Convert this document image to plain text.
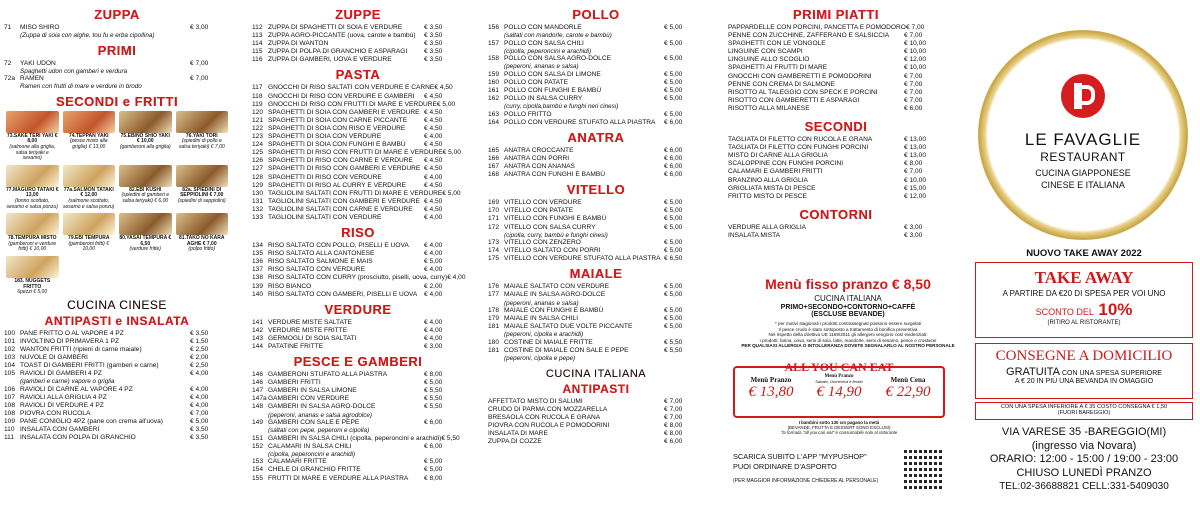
ZUPPA
71	MISO SHIRO	€ 3,00
(Zuppa di soia con alghe, tou fu e erba cipollina)
PRIMI
72	YAKI UDON	€ 7,00
Spaghetti udon con gamberi e verdura
72a RAMEN	€ 7,00
Ramen con frutti di mare e verdure in brodo
SECONDI e FRITTI
73.SAKE TERI YAKI € 8,00
(salmone alla griglia, salsa teriyaki e sesamo)
74.TEPPAN YAKI
(pesce misto alla griglia) € 13,00
75.EBINO SHIO YAKI € 10,00
(gamberoni alla griglia)
76.YAKI TORI
(spiedini di pollo e salsa teriyaki) € 7,00
77.MAGURO TATAKI € 13,00
(tonno scottato, sesamo e salsa ponzu)
77a.SALMON TATAKI € 12,00
(salmone scottato, sesamo e salsa ponzu)
82.EBI KUSHI
(spiedini di gamberi e salsa teriyaki) € 6,00
82a. SPIEDINI DI SEPPIOLINI € 7,00
(spiedini di seppiolini)
78.TEMPURA MISTO
(gamberoni e verdure fritti) € 10,00
79.EBI TEMPURA
(gamberoni fritti) € 10,00
80.YASAI TEMPURA € 6,50
(verdure fritte)
81.TAKO NO KARA AGHE € 7,00
(polpo fritto)
183. NUGGETS FRITTO
6pezzi € 5,00
CUCINA CINESE
ANTIPASTI e INSALATA
100 PANE FRITTO O AL VAPORE 4 PZ	€ 3,50
101 INVOLTINO DI PRIMAVERA 1 PZ	€ 1,50
102 WANTON FRITTI (ripieni di carne maiale)	€ 2,50
103 NUVOLE DI GAMBERI	€ 2,00
104 TOAST DI GAMBERI FRITTI (gamberi e carne)	€ 2,50
105 RAVIOLI DI GAMBERI 4 PZ	€ 4,00
(gamberi e carne) vapore o griglia
106 RAVIOLI DI CARNE AL VAPORE 4 PZ	€ 4,00
107 RAVIOLI ALLA GRIGLIA 4 PZ	€ 4,00
108 RAVIOLI DI VERDURE 4 PZ	€ 4,00
108 PIOVRA CON RUCOLA	€ 7,00
109 PANE CONIGLIO 4PZ (pane con crema all'uova)	€ 5,00
110 INSALATA CON GAMBERI	€ 3,50
111 INSALATA CON POLPA DI GRANCHIO	€ 3,50
ZUPPE
112 ZUPPA DI SPAGHETTI DI SOIA E VERDURE	€ 3,50
113 ZUPPA AGRO-PICCANTE (uova, carote e bambù)	€ 3,50
114 ZUPPA DI WANTON	€ 3,50
115 ZUPPA DI POLPA DI GRANCHIO E ASPARAGI	€ 3,50
116 ZUPPA DI GAMBERI, UOVA E VERDURE	€ 3,50
PASTA
117 GNOCCHI DI RISO SALTATI CON VERDURE E CARNE € 4,50
118 GNOCCHI DI RISO CON VERDURE E GAMBERI	€ 4,50
119 GNOCCHI DI RISO CON FRUTTI DI MARE E VERDURE € 5,00
120 SPAGHETTI DI SOIA CON GAMBERI E VERDURE € 4,50
121 SPAGHETTI DI SOIA CON CARNE PICCANTE	€ 4,50
122 SPAGHETTI DI SOIA CON RISO E VERDURE	€ 4,50
123 SPAGHETTI DI SOIA CON VERDURE	€ 4,00
124 SPAGHETTI DI SOIA CON FUNGHI E BAMBÙ	€ 4,50
125 SPAGHETTI DI RISO CON FRUTTI DI MARE E VERDURE € 5,00
126 SPAGHETTI DI RISO CON CARNE E VERDURE	€ 4,50
127 SPAGHETTI DI RISO CON GAMBERI E VERDURE € 4,50
128 SPAGHETTI DI RISO CON VERDURE	€ 4,00
129 SPAGHETTI DI RISO AL CURRY E VERDURE	€ 4,50
130 TAGLIOLINI SALTATI CON FRUTTI DI MARE E VERDURE € 5,00
131 TAGLIOLINI SALTATI CON GAMBERI E VERDURE € 4,50
132 TAGLIOLINI SALTATI CON CARNE E VERDURE	€ 4,50
133 TAGLIOLINI SALTATI CON VERDURE	€ 4,00
RISO
134 RISO SALTATO CON POLLO, PISELLI E UOVA	€ 4,00
135 RISO SALTATO ALLA CANTONESE	€ 4,00
136 RISO SALTATO SALMONE E MAIS	€ 5,00
137 RISO SALTATO CON VERDURE	€ 4,00
138 RISO SALTATO CON CURRY (prosciutto, piselli, uova, curry) € 4,00
139 RISO BIANCO	€ 2,00
140 RISO SALTATO CON GAMBERI, PISELLI E UOVA	€ 4,00
VERDURE
141 VERDURE MISTE SALTATE	€ 4,00
142 VERDURE MISTE FRITTE	€ 4,00
143 GERMOGLI DI SOIA SALTATI	€ 4,00
144 PATATINE FRITTE	€ 3,00
PESCE E GAMBERI
146 GAMBERONI STUFATO ALLA PIASTRA	€ 8,00
146 GAMBERI FRITTI	€ 5,00
147 GAMBERI IN SALSA LIMONE	€ 5,50
147a GAMBERI CON VERDURE	€ 5,50
148 GAMBERI IN SALSA AGRO-DOLCE	€ 5,50
(peperoni, ananas e salsa agrodolce)
149 GAMBERI CON SALE E PEPE	€ 6,00
(saltati con pepe, peperoni e cipolla)
151 GAMBERI IN SALSA CHILI (cipolla, peperoncini e arachidi) € 5,50
152 CALAMARI IN SALSA CHILI	€ 6,00
(cipolla, peperoncini e arachidi)
153 CALAMARI FRITTE	€ 5,00
154 CHELE DI GRANCHIO FRITTE	€ 5,00
155 FRUTTI DI MARE E VERDURE ALLA PIASTRA	€ 8,00
POLLO
156 POLLO CON MANDORLE	€ 5,00
(saltati con mandorle, carote e bambù)
157 POLLO CON SALSA CHILI	€ 5,00
(cipolla, peperoncini e arachidi)
158 POLLO CON SALSA AGRO-DOLCE	€ 5,00
(peperoni, ananas e salsa)
159 POLLO CON SALSA DI LIMONE	€ 5,00
160 POLLO CON PATATE	€ 5,00
161 POLLO CON FUNGHI E BAMBÙ	€ 5,00
162 POLLO IN SALSA CURRY	€ 5,00
(curry, cipolla,bambù e funghi neri cinesi)
163 POLLO FRITTO	€ 5,00
164 POLLO CON VERDURE STUFATO ALLA PIASTRA	€ 6,00
ANATRA
165 ANATRA CROCCANTE	€ 6,00
166 ANATRA CON PORRI	€ 6,00
167 ANATRA CON ANANAS	€ 6,00
168 ANATRA CON FUNGHI E BAMBÙ	€ 6,00
VITELLO
169 VITELLO CON VERDURE	€ 5,00
170 VITELLO CON PATATE	€ 5,00
171 VITELLO CON FUNGHI E BAMBÙ	€ 5,00
172 VITELLO CON SALSA CURRY	€ 5,00
(cipolla, curry, bambù e funghi cinesi)
173 VITELLO CON ZENZERO	€ 5,00
174 VITELLO SALTATO CON PORRI	€ 5,00
175 VITELLO CON VERDURE STUFATO ALLA PIASTRA € 6,50
MAIALE
176 MAIALE SALTATO CON VERDURE	€ 5,00
177 MAIALE IN SALSA AGRO-DOLCE	€ 5,00
(peperoni, ananas e salsa)
178 MAIALE CON FUNGHI E BAMBÙ	€ 5,00
179 MAIALE IN SALSA CHILI	€ 5,00
181 MAIALE SALTATO DUE VOLTE PICCANTE	€ 5,00
(peperoni, cipolla e arachidi)
180 COSTINE DI MAIALE FRITTE	€ 5,50
181 COSTINE DI MAIALE CON SALE E PEPE	€ 5,50
(peperoni, cipolla e pepe)
CUCINA ITALIANA
ANTIPASTI
AFFETTATO MISTO DI SALUMI	€ 7,00
CRUDO DI PARMA CON MOZZARELLA	€ 7,00
BRESAOLA CON RUCOLA E GRANA	€ 7,00
PIOVRA CON RUCOLA E POMODORINI	€ 8,00
INSALATA DI MARE	€ 8,00
ZUPPA DI COZZE	€ 6,00
PRIMI PIATTI
PAPPARDELLE CON PORCINI, PANCETTA E POMODORO € 7,00
PENNE CON ZUCCHINE, ZAFFERANO E SALSICCIA	€ 7,00
SPAGHETTI CON LE VONGOLE	€ 10,00
LINGUINE CON SCAMPI	€ 10,00
LINGUINE ALLO SCOGLIO	€ 12,00
SPAGHETTI AI FRUTTI DI MARE	€ 10,00
GNOCCHI CON GAMBERETTI E POMODORINI	€ 7,00
PENNE CON CREMA DI SALMONE	€ 7,00
RISOTTO AL TALEGGIO CON SPECK E PORCINI	€ 7,00
RISOTTO CON GAMBERETTI E ASPARAGI	€ 7,00
RISOTTO ALLA MILANESE	€ 6,00
SECONDI
TAGLIATA DI FILETTO CON RUCOLA E GRANA	€ 13,00
TAGLIATA DI FILETTO CON FUNGHI PORCINI	€ 13,00
MISTO DI CARNE ALLA GRIGLIA	€ 13,00
SCALOPPINE CON FUNGHI PORCINI	€ 8,00
CALAMARI E GAMBERI FRITTI	€ 7,00
BRANZINO ALLA GRIGLIA	€ 10,00
GRIGLIATA MISTA DI PESCE	€ 15,00
FRITTO MISTO DI PESCE	€ 12,00
CONTORNI
VERDURE ALLA GRIGLIA	€ 3,00
INSALATA MISTA	€ 3,00
Menù fisso pranzo € 8,50
CUCINA ITALIANA
PRIMO+SECONDO+CONTORNO+CAFFÈ
(ESCLUSE BEVANDE)
* per motivi stagionali i prodotti contrassegnati possono essere surgelati
Il pesce crudo è stato sottoposto a trattamento di bonifica preventiva
Nel rispetto della direttiva UE 1169/2011 gli allergeni vengono così evidenziati:
I prodotti: farina, uova, semi di soia, latte, mandorle, semi di sesamo, pesce e crostacei
PER QUALSIASI ALLERGIA O INTOLLERANZA DOVETE SEGNALARLO AL NOSTRO PERSONALE
ALL YOU CAN EAT
Menù Pranzo
€ 13,80
Menù Pranzo
Sabato, Domenica e festivi
€ 14,90
Menù Cena
€ 22,90
I bambini sotto 130 cm pagano la metà
(BEVANDE, FRUTTA E DESSERT SONO ESCLUSI)
"la formula "all you can eat" è consumabile solo al ristorante
SCARICA SUBITO L'APP "MYPUSHOP"
PUOI ORDINARE D'ASPORTO
(PER MAGGIOR INFORMAZIONE CHIEDERE AL PERSONALE)
LE FAVAGLIE
RESTAURANT
CUCINA GIAPPONESE
CINESE E ITALIANA
NUOVO TAKE AWAY 2022
TAKE AWAY
A PARTIRE DA €20 DI SPESA PER VOI UNO
SCONTO DEL 10%
(RITIRO AL RISTORANTE)
CONSEGNE A DOMICILIO
GRATUITA CON UNA SPESA SUPERIORE
A € 20 IN PIÙ UNA BEVANDA IN OMAGGIO
CON UNA SPESA INFERIORE A € 35 COSTO CONSEGNA € 1,50
(FUORI BAREGGIO)
VIA VARESE 35 -BAREGGIO(MI)
(ingresso via Novara)
ORARIO: 12:00 - 15:00 / 19:00 - 23:00
CHIUSO LUNEDÌ PRANZO
TEL:02-36688821 CELL:331-5409030
